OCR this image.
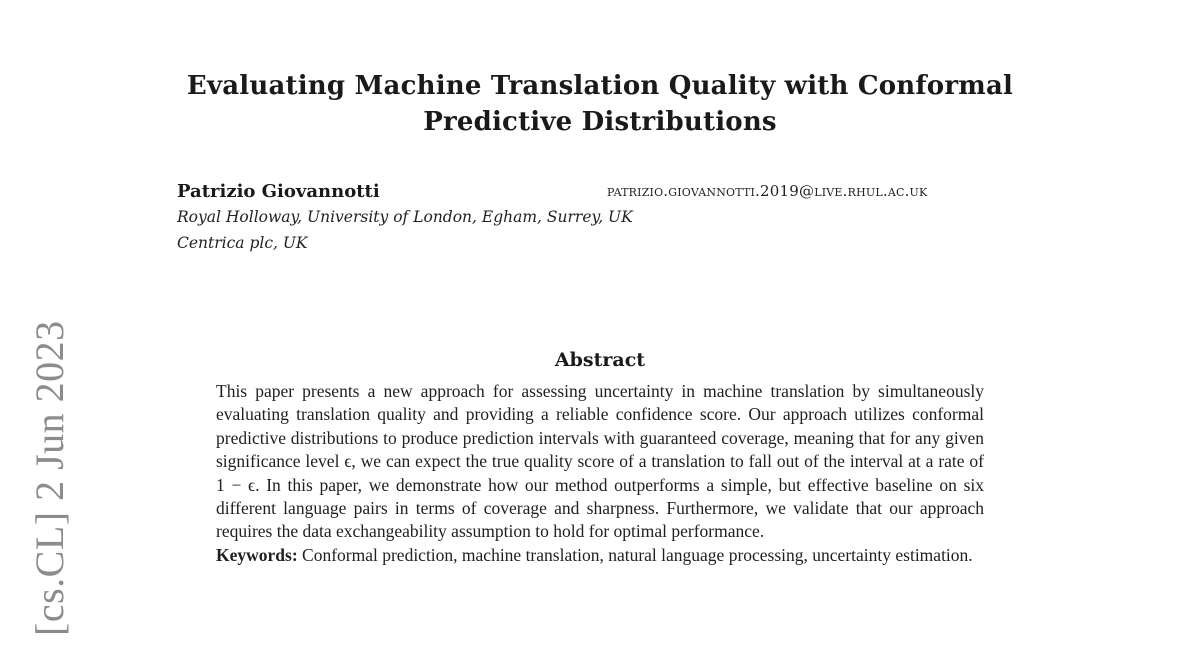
[cs.CL] 2 Jun 2023
Evaluating Machine Translation Quality with Conformal
Predictive Distributions
Patrizio Giovannotti	patrizio.giovannotti.2019@live.rhul.ac.uk
Royal Holloway, University of London, Egham, Surrey, UK
Centrica plc, UK
Abstract

This paper presents a new approach for assessing uncertainty in machine translation by simultaneously evaluating translation quality and providing a reliable confidence score. Our approach utilizes conformal predictive distributions to produce prediction intervals with guaranteed coverage, meaning that for any given significance level ϵ, we can expect the true quality score of a translation to fall out of the interval at a rate of 1 − ϵ. In this paper, we demonstrate how our method outperforms a simple, but effective baseline on six different language pairs in terms of coverage and sharpness. Furthermore, we validate that our approach requires the data exchangeability assumption to hold for optimal performance.

Keywords: Conformal prediction, machine translation, natural language processing, uncertainty estimation.
